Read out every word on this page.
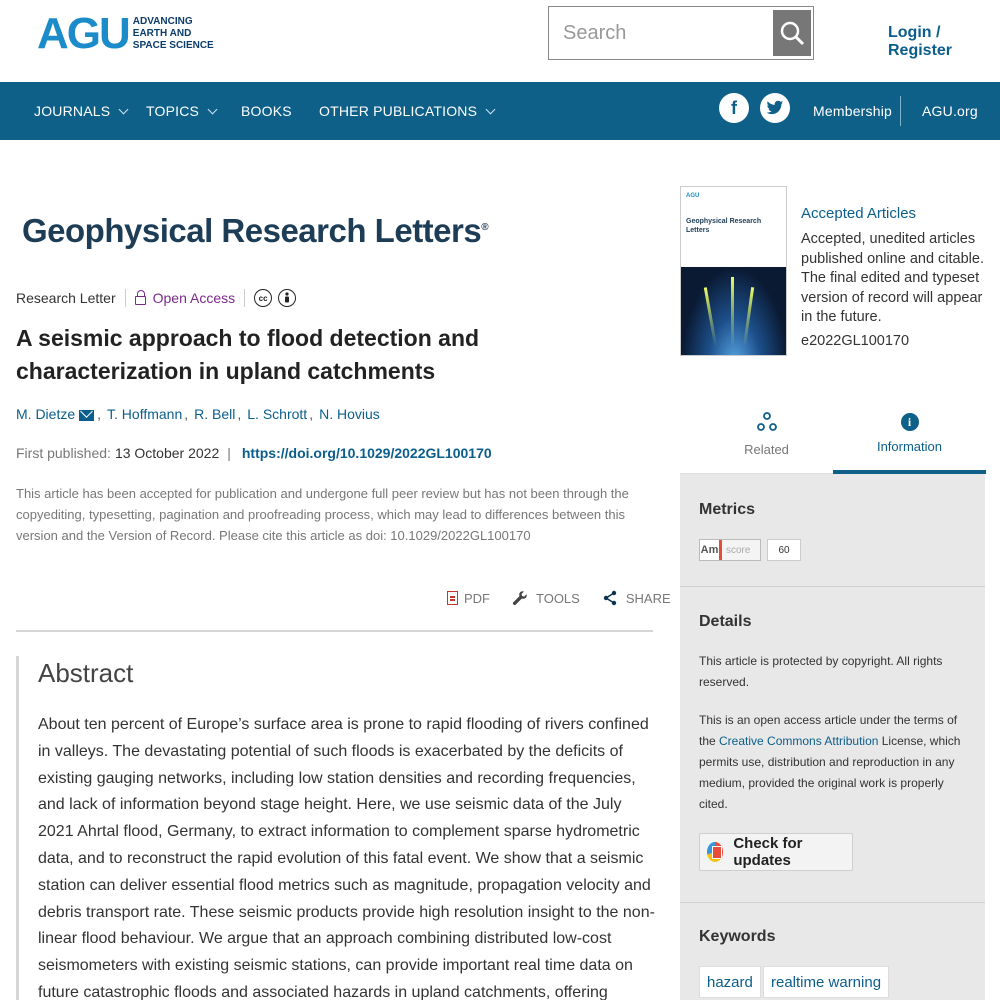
AGU ADVANCING
EARTH AND
SPACE SCIENCE
Search
Login / Register
JOURNALS	TOPICS	BOOKS OTHER PUBLICATIONS	f	Membership AGU.org
Geophysical Research Letters®
Research Letter	Open Access	cc
A seismic approach to flood detection and characterization in upland catchments
M. Dietze , T. Hoffmann , R. Bell , L. Schrott , N. Hovius
First published: 13 October 2022 | https://doi.org/10.1029/2022GL100170
This article has been accepted for publication and undergone full peer review but has not been through the copyediting, typesetting, pagination and proofreading process, which may lead to differences between this version and the Version of Record. Please cite this article as doi: 10.1029/2022GL100170
PDF	TOOLS	SHARE
Abstract

About ten percent of Europe’s surface area is prone to rapid flooding of rivers confined in valleys. The devastating potential of such floods is exacerbated by the deficits of existing gauging networks, including low station densities and recording frequencies, and lack of information beyond stage height. Here, we use seismic data of the July 2021 Ahrtal flood, Germany, to extract information to complement sparse hydrometric data, and to reconstruct the rapid evolution of this fatal event. We show that a seismic station can deliver essential flood metrics such as magnitude, propagation velocity and debris transport rate. These seismic products provide high resolution insight to the non-linear flood behaviour. We argue that an approach combining distributed low-cost seismometers with existing seismic stations, can provide important real time data on future catastrophic floods and associated hazards in upland catchments, offering

AGU
Geophysical Research Letters
Accepted Articles
Accepted, unedited articles published online and citable. The final edited and typeset version of record will appear in the future.
e2022GL100170
Related
i
Information
Metrics
Am score	60
Details
This article is protected by copyright. All rights reserved.
This is an open access article under the terms of the Creative Commons Attribution License, which permits use, distribution and reproduction in any medium, provided the original work is properly cited.
Check for updates
Keywords
hazard	realtime warning
